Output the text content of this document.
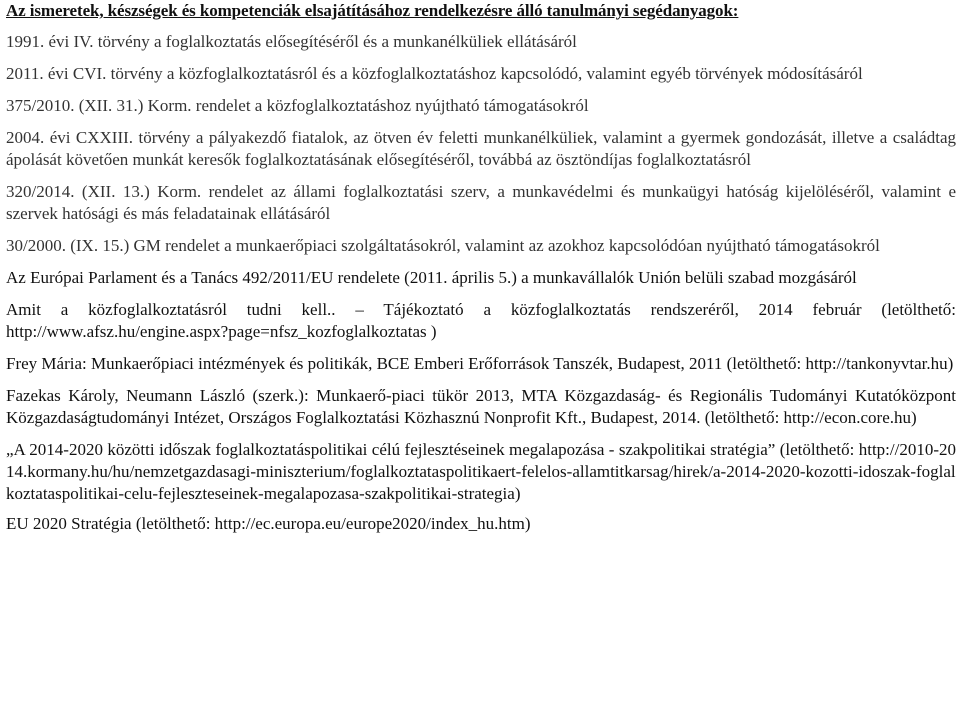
Az ismeretek, készségek és kompetenciák elsajátításához rendelkezésre álló tanulmányi segédanyagok:
1991. évi IV. törvény a foglalkoztatás elősegítéséről és a munkanélküliek ellátásáról
2011. évi CVI. törvény a közfoglalkoztatásról és a közfoglalkoztatáshoz kapcsolódó, valamint egyéb törvények módosításáról
375/2010. (XII. 31.) Korm. rendelet a közfoglalkoztatáshoz nyújtható támogatásokról
2004. évi CXXIII. törvény a pályakezdő fiatalok, az ötven év feletti munkanélküliek, valamint a gyermek gondozását, illetve a családtag ápolását követően munkát keresők foglalkoztatásának elősegítéséről, továbbá az ösztöndíjas foglalkoztatásról
320/2014. (XII. 13.) Korm. rendelet az állami foglalkoztatási szerv, a munkavédelmi és munkaügyi hatóság kijelöléséről, valamint e szervek hatósági és más feladatainak ellátásáról
30/2000. (IX. 15.) GM rendelet a munkaerőpiaci szolgáltatásokról, valamint az azokhoz kapcsolódóan nyújtható támogatásokról
Az Európai Parlament és a Tanács 492/2011/EU rendelete (2011. április 5.) a munkavállalók Unión belüli szabad mozgásáról
Amit a közfoglalkoztatásról tudni kell.. – Tájékoztató a közfoglalkoztatás rendszeréről, 2014 február (letölthető: http://www.afsz.hu/engine.aspx?page=nfsz_kozfoglalkoztatas )
Frey Mária: Munkaerőpiaci intézmények és politikák, BCE Emberi Erőforrások Tanszék, Budapest, 2011 (letölthető: http://tankonyvtar.hu)
Fazekas Károly, Neumann László (szerk.): Munkaerő-piaci tükör 2013, MTA Közgazdaság- és Regionális Tudományi Kutatóközpont Közgazdaságtudományi Intézet, Országos Foglalkoztatási Közhasznú Nonprofit Kft., Budapest, 2014. (letölthető: http://econ.core.hu)
„A 2014-2020 közötti időszak foglalkoztatáspolitikai célú fejlesztéseinek megalapozása - szakpolitikai stratégia” (letölthető: http://2010-2014.kormany.hu/hu/nemzetgazdasagi-miniszterium/foglalkoztataspolitikaert-felelos-allamtitkarsag/hirek/a-2014-2020-kozotti-idoszak-foglalkoztataspolitikai-celu-fejleszteseinek-megalapozasa-szakpolitikai-strategia)
EU 2020 Stratégia (letölthető: http://ec.europa.eu/europe2020/index_hu.htm)
